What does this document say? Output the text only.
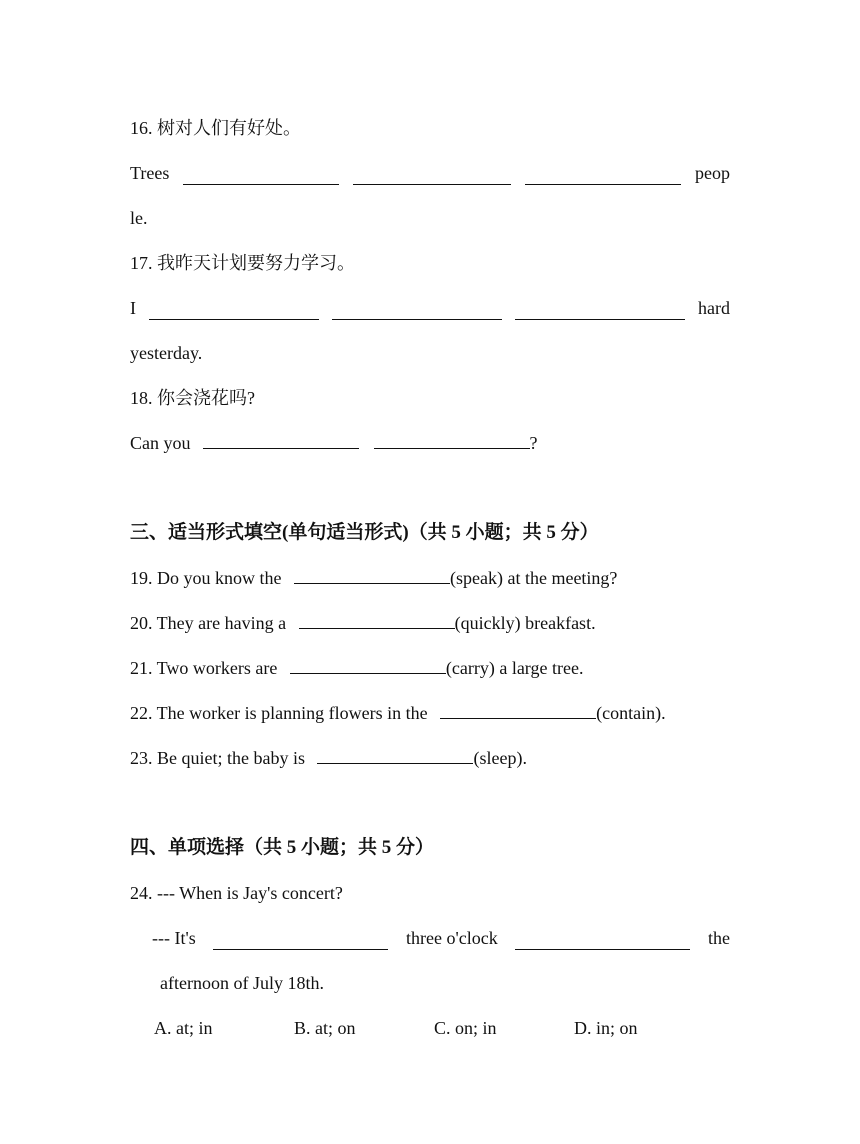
16. 树对人们有好处。
Trees	peop
le.
17. 我昨天计划要努力学习。
I	hard
yesterday.
18. 你会浇花吗?
Can you	?
三、适当形式填空(单句适当形式)（共 5 小题；共 5 分）
19. Do you know the	(speak) at the meeting?
20. They are having a	(quickly) breakfast.
21. Two workers are	(carry) a large tree.
22. The worker is planning flowers in the	(contain).
23. Be quiet; the baby is	(sleep).
四、单项选择（共 5 小题；共 5 分）
24. --- When is Jay's concert?
--- It's	three o'clock	the
afternoon of July 18th.
A. at; in	B. at; on	C. on; in	D. in; on
